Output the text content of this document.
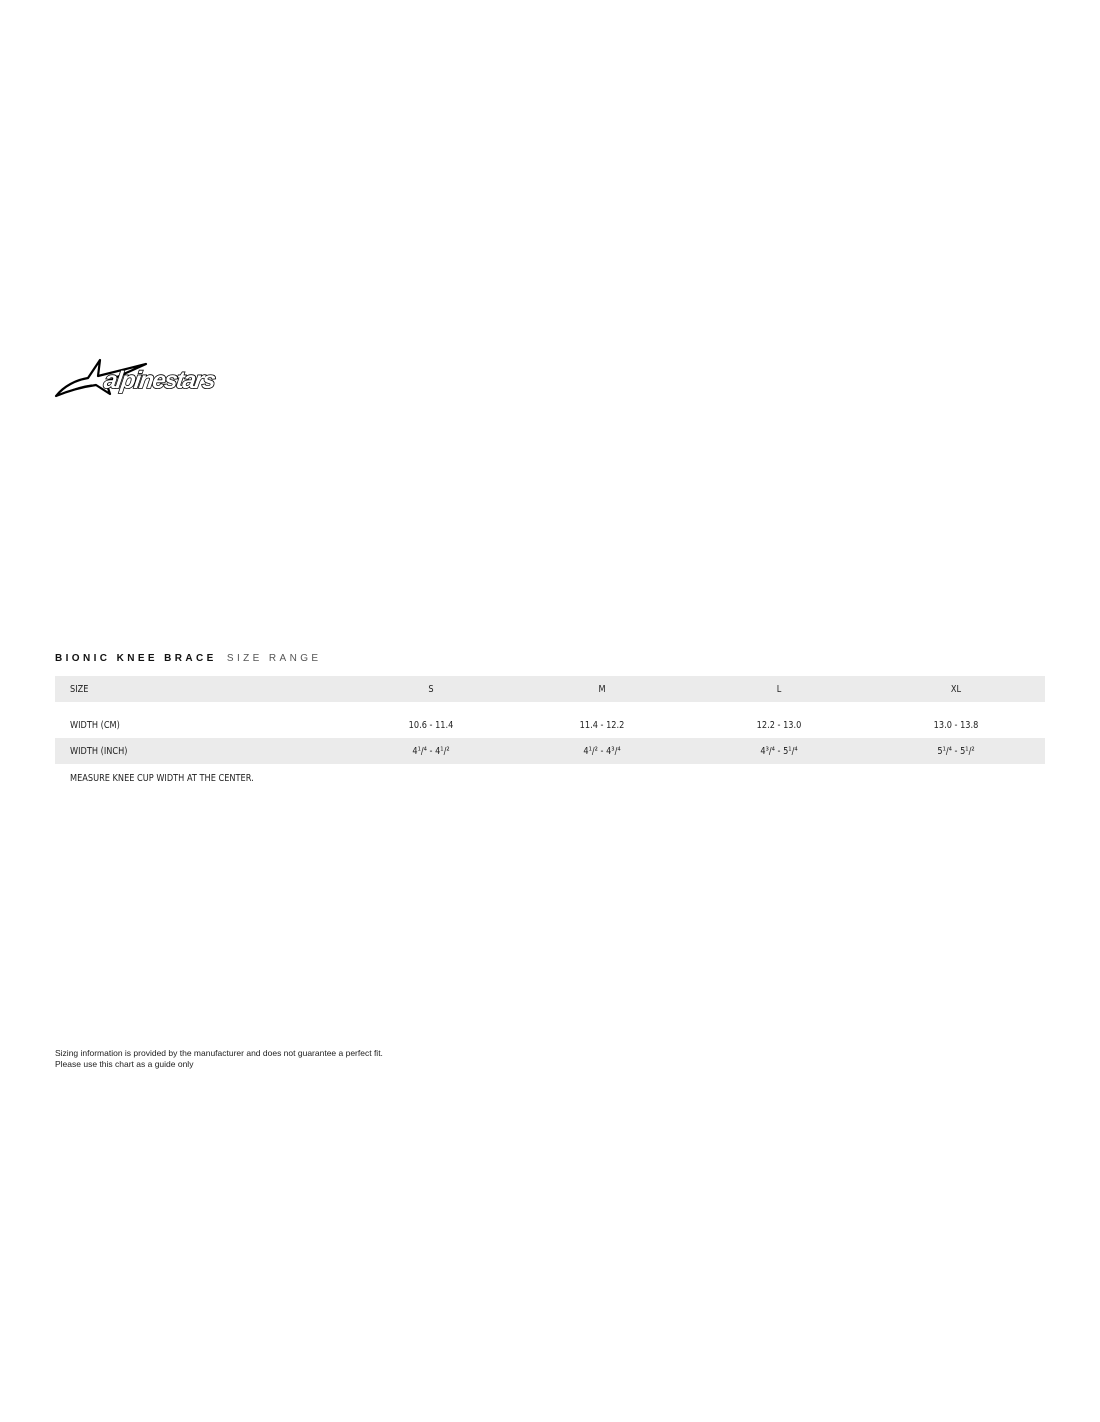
alpinestars
BIONIC KNEE BRACE SIZE RANGE
SIZE	S	M	L	XL
WIDTH (CM)	10.6 - 11.4	11.4 - 12.2	12.2 - 13.0	13.0 - 13.8
WIDTH (INCH)	4¹/⁴ - 4¹/²	4¹/² - 4³/⁴	4³/⁴ - 5¹/⁴	5¹/⁴ - 5¹/²
MEASURE KNEE CUP WIDTH AT THE CENTER.
Sizing information is provided by the manufacturer and does not guarantee a perfect fit.
Please use this chart as a guide only
